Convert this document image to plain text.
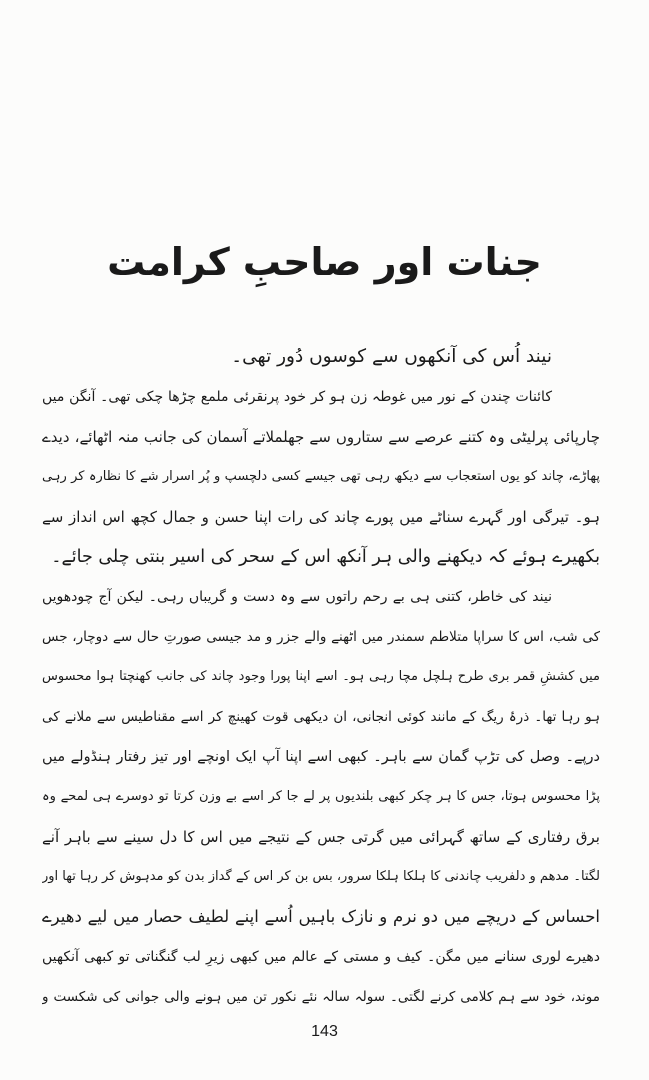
جنات اور صاحبِ کرامت
نیند اُس کی آنکھوں سے کوسوں دُور تھی۔
کائنات چندن کے نور میں غوطہ زن ہو کر خود پرنقرئی ملمع چڑھا چکی تھی۔ آنگن میں
چارپائی پرلیٹی وہ کتنے عرصے سے ستاروں سے جھلملاتے آسمان کی جانب منہ اٹھائے، دیدے
پھاڑے، چاند کو یوں استعجاب سے دیکھ رہی تھی جیسے کسی دلچسپ و پُر اسرار شے کا نظارہ کر رہی
ہو۔ تیرگی اور گہرے سناٹے میں پورے چاند کی رات اپنا حسن و جمال کچھ اس انداز سے
بکھیرے ہوئے کہ دیکھنے والی ہر آنکھ اس کے سحر کی اسیر بنتی چلی جائے۔
نیند کی خاطر، کتنی ہی بے رحم راتوں سے وہ دست و گریباں رہی۔ لیکن آج چودھویں
کی شب، اس کا سراپا متلاطم سمندر میں اٹھنے والے جزر و مد جیسی صورتِ حال سے دوچار، جس
میں کششِ قمر بری طرح ہلچل مچا رہی ہو۔ اسے اپنا پورا وجود چاند کی جانب کھنچتا ہوا محسوس
ہو رہا تھا۔ ذرۂ ریگ کے مانند کوئی انجانی، ان دیکھی قوت کھینچ کر اسے مقناطیس سے ملانے کی
درپے۔ وصل کی تڑپ گمان سے باہر۔ کبھی اسے اپنا آپ ایک اونچے اور تیز رفتار ہنڈولے میں
پڑا محسوس ہوتا، جس کا ہر چکر کبھی بلندیوں پر لے جا کر اسے بے وزن کرتا تو دوسرے ہی لمحے وہ
برق رفتاری کے ساتھ گہرائی میں گرتی جس کے نتیجے میں اس کا دل سینے سے باہر آنے
لگتا۔ مدھم و دلفریب چاندنی کا ہلکا ہلکا سرور، بس بن کر اس کے گداز بدن کو مدہوش کر رہا تھا اور
احساس کے دریچے میں دو نرم و نازک باہیں اُسے اپنے لطیف حصار میں لیے دھیرے
دھیرے لوری سنانے میں مگن۔ کیف و مستی کے عالم میں کبھی زیرِ لب گنگناتی تو کبھی آنکھیں
موند، خود سے ہم کلامی کرنے لگتی۔ سولہ سالہ نئے نکور تن میں ہونے والی جوانی کی شکست و
143
